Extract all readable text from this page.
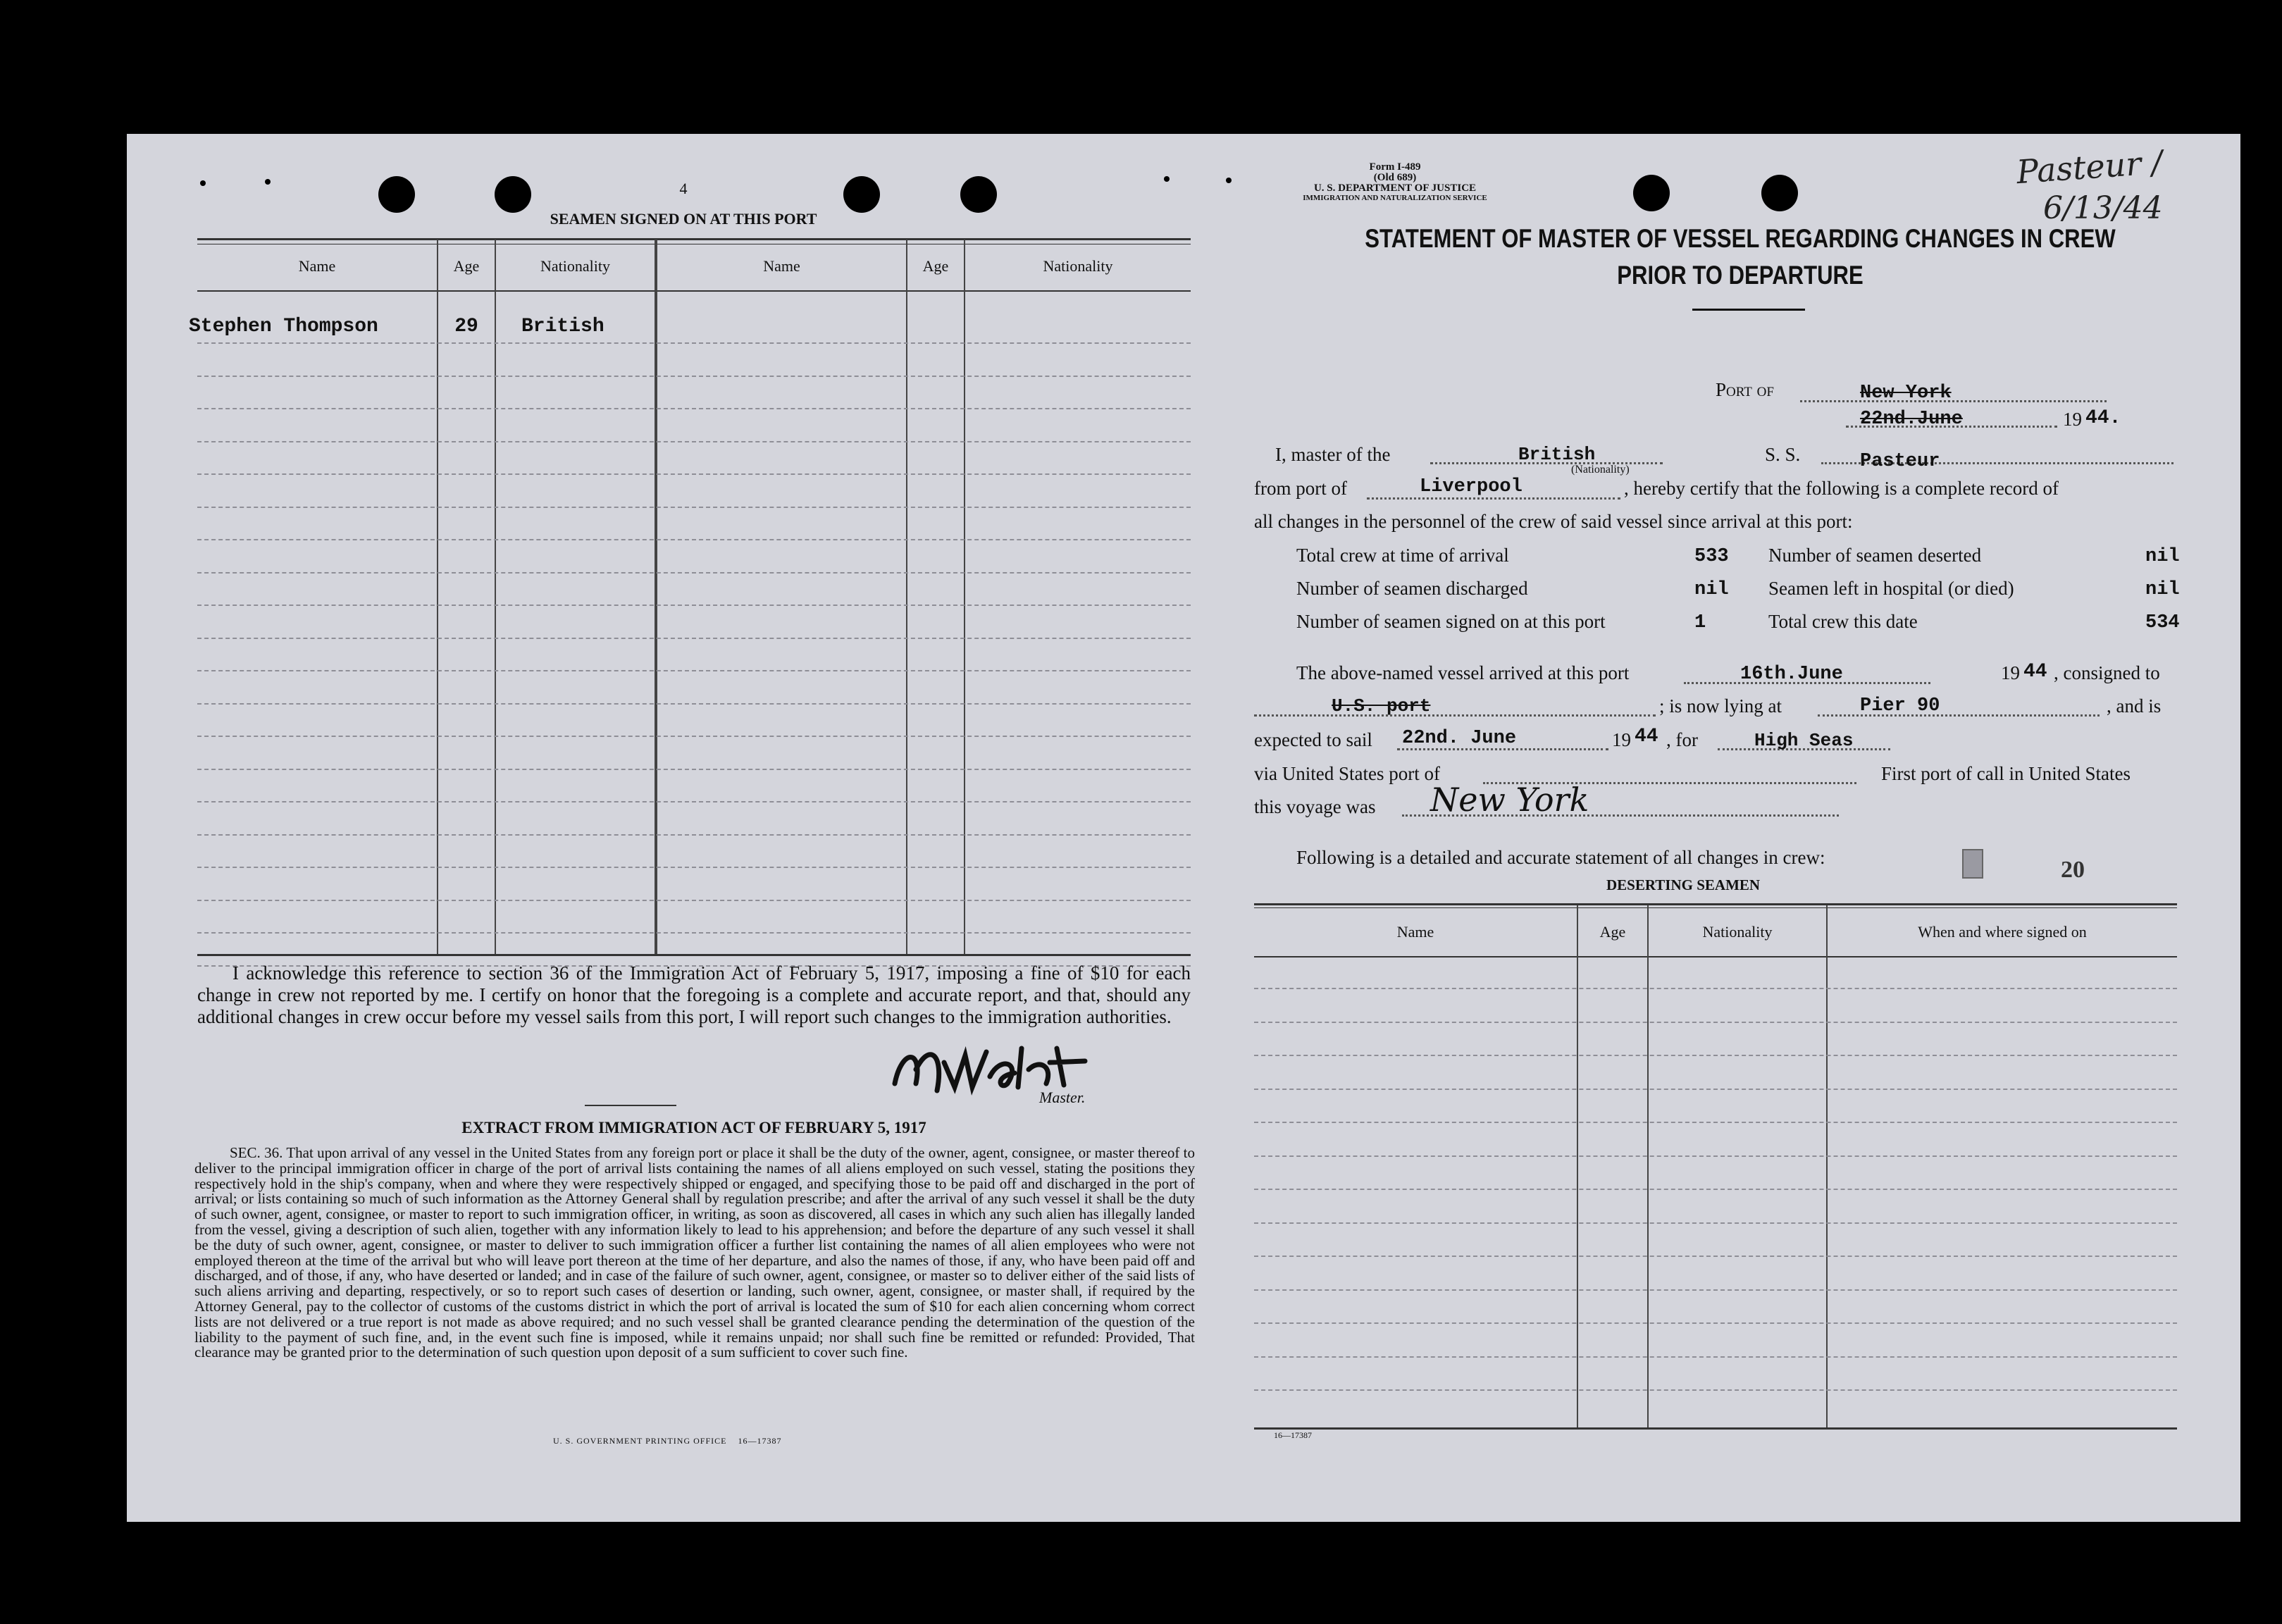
4
SEAMEN SIGNED ON AT THIS PORT
Name	Age	Nationality	Name	Age	Nationality
Stephen Thompson	29	British
I acknowledge this reference to section 36 of the Immigration Act of February 5, 1917, imposing a fine of $10 for each change in crew not reported by me. I certify on honor that the foregoing is a complete and accurate report, and that, should any additional changes in crew occur before my vessel sails from this port, I will report such changes to the immigration authorities.
Master.
EXTRACT FROM IMMIGRATION ACT OF FEBRUARY 5, 1917
SEC. 36. That upon arrival of any vessel in the United States from any foreign port or place it shall be the duty of the owner, agent, consignee, or master thereof to deliver to the principal immigration officer in charge of the port of arrival lists containing the names of all aliens employed on such vessel, stating the positions they respectively hold in the ship's company, when and where they were respectively shipped or engaged, and specifying those to be paid off and discharged in the port of arrival; or lists containing so much of such information as the Attorney General shall by regulation prescribe; and after the arrival of any such vessel it shall be the duty of such owner, agent, consignee, or master to report to such immigration officer, in writing, as soon as discovered, all cases in which any such alien has illegally landed from the vessel, giving a description of such alien, together with any information likely to lead to his apprehension; and before the departure of any such vessel it shall be the duty of such owner, agent, consignee, or master to deliver to such immigration officer a further list containing the names of all alien employees who were not employed thereon at the time of the arrival but who will leave port thereon at the time of her departure, and also the names of those, if any, who have been paid off and discharged, and of those, if any, who have deserted or landed; and in case of the failure of such owner, agent, consignee, or master so to deliver either of the said lists of such aliens arriving and departing, respectively, or so to report such cases of desertion or landing, such owner, agent, consignee, or master shall, if required by the Attorney General, pay to the collector of customs of the customs district in which the port of arrival is located the sum of $10 for each alien concerning whom correct lists are not delivered or a true report is not made as above required; and no such vessel shall be granted clearance pending the determination of the question of the liability to the payment of such fine, and, in the event such fine is imposed, while it remains unpaid; nor shall such fine be remitted or refunded: Provided, That clearance may be granted prior to the determination of such question upon deposit of a sum sufficient to cover such fine.
U. S. GOVERNMENT PRINTING OFFICE    16—17387
Form I-489
(Old 689)
U. S. DEPARTMENT OF JUSTICE
IMMIGRATION AND NATURALIZATION SERVICE
Pasteur /
6/13/44
STATEMENT OF MASTER OF VESSEL REGARDING CHANGES IN CREW
PRIOR TO DEPARTURE
Port of	New York
22nd.June	19 44.
I, master of the	British
(Nationality)
S. S.	Pasteur
from port of	Liverpool	, hereby certify that the following is a complete record of
all changes in the personnel of the crew of said vessel since arrival at this port:
Total crew at time of arrival	533 Number of seamen deserted	nil
Number of seamen discharged	nil Seamen left in hospital (or died)	nil
Number of seamen signed on at this port	1	Total crew this date	534
The above-named vessel arrived at this port	16th.June	19 44 , consigned to
U.S. port	; is now lying at	Pier 90	, and is
expected to sail 22nd. June	19 44 , for	High Seas
via United States port of	First port of call in United States
this voyage was New York
Following is a detailed and accurate statement of all changes in crew:
DESERTING SEAMEN
20
Name	Age	Nationality	When and where signed on
16—17387
